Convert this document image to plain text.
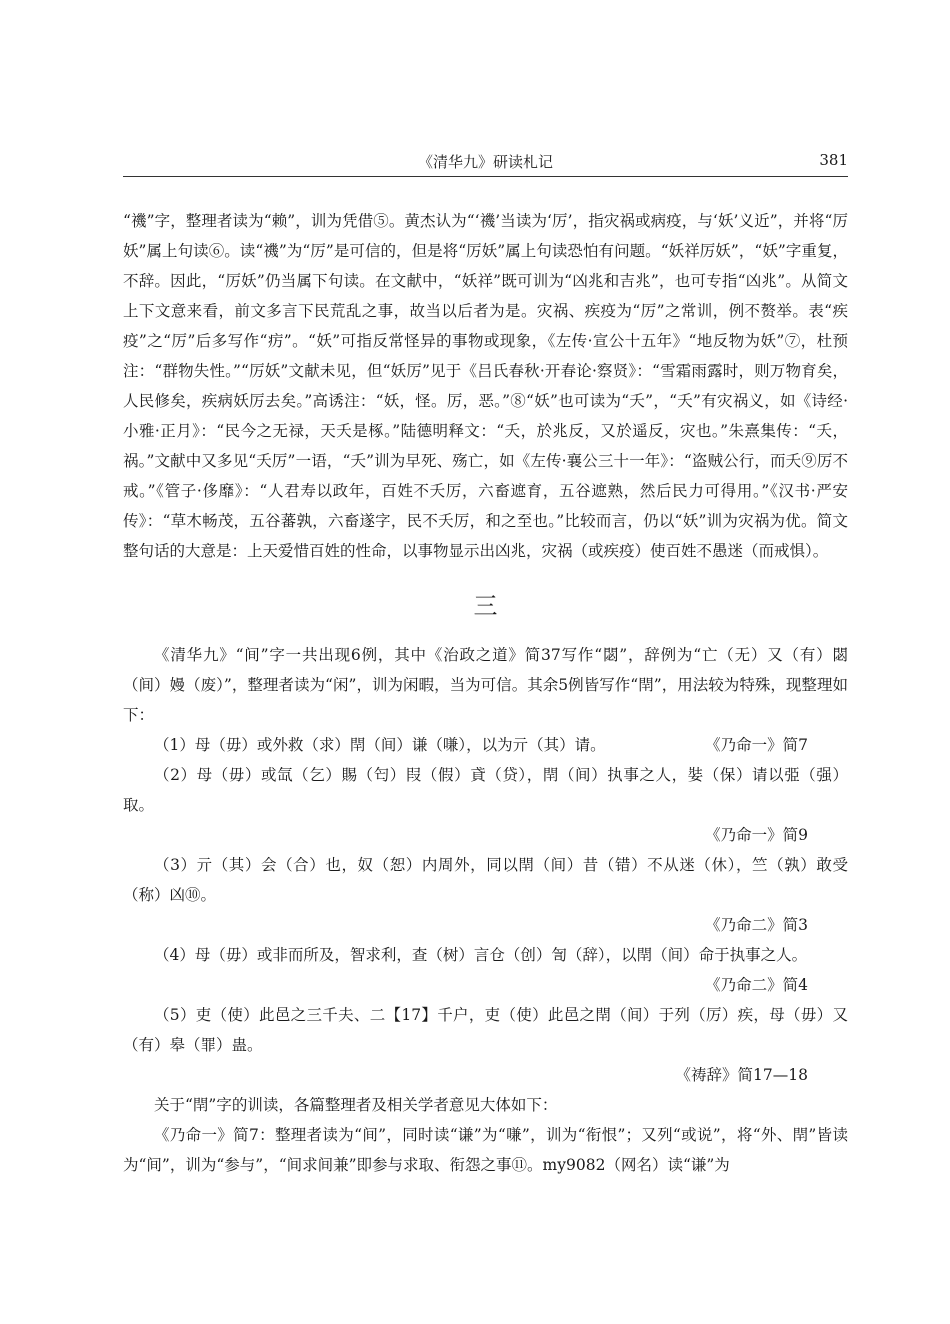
《清华九》研读札记	381

“禨”字，整理者读为“赖”，训为凭借⑤。黄杰认为“‘禨’当读为‘厉’，指灾祸或病疫，与‘妖’义近”，并将“厉妖”属上句读⑥。读“禨”为“厉”是可信的，但是将“厉妖”属上句读恐怕有问题。“妖祥厉妖”，“妖”字重复，不辞。因此，“厉妖”仍当属下句读。在文献中，“妖祥”既可训为“凶兆和吉兆”，也可专指“凶兆”。从简文上下文意来看，前文多言下民荒乱之事，故当以后者为是。灾祸、疾疫为“厉”之常训，例不赘举。表“疾疫”之“厉”后多写作“疠”。“妖”可指反常怪异的事物或现象，《左传·宣公十五年》“地反物为妖”⑦，杜预注：“群物失性。”“厉妖”文献未见，但“妖厉”见于《吕氏春秋·开春论·察贤》：“雪霜雨露时，则万物育矣，人民修矣，疾病妖厉去矣。”高诱注：“妖，怪。厉，恶。”⑧“妖”也可读为“夭”，“夭”有灾祸义，如《诗经·小雅·正月》：“民今之无禄，天夭是椓。”陆德明释文：“夭，於兆反，又於遥反，灾也。”朱熹集传：“夭，祸。”文献中又多见“夭厉”一语，“夭”训为早死、殇亡，如《左传·襄公三十一年》：“盗贼公行，而夭⑨厉不戒。”《管子·侈靡》：“人君寿以政年，百姓不夭厉，六畜遮育，五谷遮熟，然后民力可得用。”《汉书·严安传》：“草木畅茂，五谷蕃孰，六畜遂字，民不夭厉，和之至也。”比较而言，仍以“妖”训为灾祸为优。简文整句话的大意是：上天爱惜百姓的性命，以事物显示出凶兆，灾祸（或疾疫）使百姓不愚迷（而戒惧）。

三

《清华九》“间”字一共出现6例，其中《治政之道》简37写作“閟”，辞例为“亡（无）又（有）閟（间）嫚（废）”，整理者读为“闲”，训为闲暇，当为可信。其余5例皆写作“閈”，用法较为特殊，现整理如下：

（1）母（毋）或外救（求）閈（间）谦（嗛），以为亓（其）请。	《乃命一》简7

（2）母（毋）或氙（乞）賜（匄）叚（假）貣（贷），閈（间）执事之人，娤（保）请以弫（强）取。

《乃命一》简9

（3）亓（其）会（合）也，奴（恕）内周外，同以閈（间）昔（错）不从迷（休），竺（孰）敢受（称）凶⑩。

《乃命二》简3

（4）母（毋）或非而所及，智求利，查（树）言仓（创）訇（辞），以閈（间）命于执事之人。

《乃命二》简4

（5）吏（使）此邑之三千夫、二【17】千户，吏（使）此邑之閈（间）于列（厉）疾，母（毋）又（有）皋（罪）蛊。

《祷辞》简17—18

关于“閈”字的训读，各篇整理者及相关学者意见大体如下：

《乃命一》简7：整理者读为“间”，同时读“谦”为“嗛”，训为“衔恨”；又列“或说”，将“外、閈”皆读为“间”，训为“参与”，“间求间兼”即参与求取、衔怨之事⑪。my9082（网名）读“谦”为
